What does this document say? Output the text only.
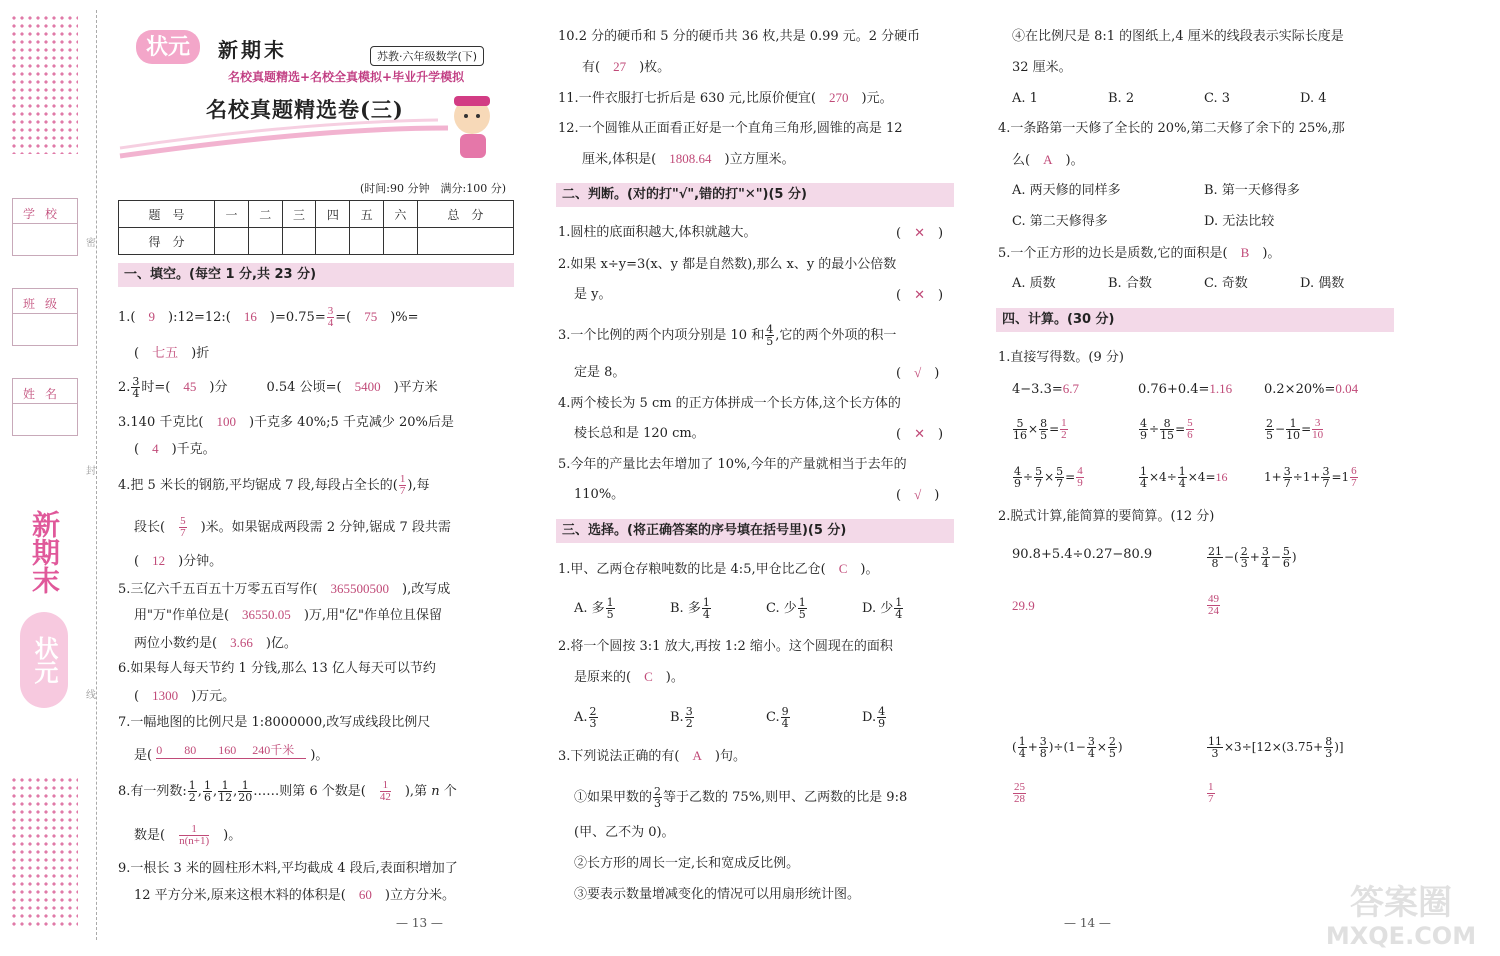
学校
班级
姓名
新期末
状元
密
封
线
状元	新期末	苏教·六年级数学(下)
名校真题精选+名校全真模拟+毕业升学模拟
名校真题精选卷(三)
(时间:90 分钟　满分:100 分)
题　号	一	二	三	四	五	六	总　分
得　分							
一、填空。(每空 1 分,共 23 分)
1.(　9　 ):12=12:(　 16　 )$=0.75= \frac{3}{4}$ =(　 75　 )%=
(　 七五　 )折
2. $\frac{3}{4}$ 时=(　 45　 )分　　　	0.54 公顷=(　 5400　 )平方米
3.140 千克比(　 100　 )千克多 40%;5 千克减少 20%后是
(　 4　 )千克。
4.把 5 米长的钢筋,平均锯成 7 段,每段占全长的( $\frac{1}{7}$ ),每
段长(　 $\frac{5}{7}$
　 )米。如果锯成两段需 2 分钟,锯成 7 段共需
(　 12　 )分钟。
5.三亿六千五百五十万零五百写作(　 365500500　 ),改写成
用"万"作单位是(　 36550.05　 )万,用"亿"作单位且保留
两位小数约是(　 3.66　 )亿。
6.如果每人每天节约 1 分钱,那么 13 亿人每天可以节约
(　 1300　 )万元。
7.一幅地图的比例尺是 1:8000000,改写成线段比例尺
是( 0 80 160 240千米 )。
8.有一列数: $\frac{1}{2}$ , $\frac{1}{6}$ , $\frac{1}{12}$ , $\frac{1}{20}$ ……则第 6 个数是(　 $\frac{1}{42}$
　 ),第 n 个
数是(　 $\frac{1}{n(n+1)}$
　 )。
9.一根长 3 米的圆柱形木料,平均截成 4 段后,表面积增加了
12 平方分米,原来这根木料的体积是(　 60　 )立方分米。
10.2 分的硬币和 5 分的硬币共 36 枚,共是 0.99 元。2 分硬币
有(　 27　 )枚。
11.一件衣服打七折后是 630 元,比原价便宜(　 270　 )元。
12.一个圆锥从正面看正好是一个直角三角形,圆锥的高是 12
厘米,体积是(　 1808.64　 )立方厘米。
二、判断。(对的打"√",错的打"✕")(5 分)
1.圆柱的底面积越大,体积就越大。	(　 ✕　 )
2.如果 x÷y=3(x、y 都是自然数),那么 x、y 的最小公倍数
是 y。	(　 ✕　 )
3.一个比例的两个内项分别是 10 和 $\frac{4}{5}$ ,它的两个外项的积一
定是 8。	(　 √　 )
4.两个棱长为 5 cm 的正方体拼成一个长方体,这个长方体的
棱长总和是 120 cm。	(　 ✕　 )
5.今年的产量比去年增加了 10%,今年的产量就相当于去年的
110%。	(　 √　 )
三、选择。(将正确答案的序号填在括号里)(5 分)
1.甲、乙两仓存粮吨数的比是 4:5,甲仓比乙仓(　 C　 )。
A. 多 $\frac{1}{5}$	B. 多 $\frac{1}{4}$	C. 少 $\frac{1}{5}$	D. 少 $\frac{1}{4}$
2.将一个圆按 3:1 放大,再按 1:2 缩小。这个圆现在的面积
是原来的(　 C　 )。
A. $\frac{2}{3}$	B. $\frac{3}{2}$	C. $\frac{9}{4}$	D. $\frac{4}{9}$
3.下列说法正确的有(　 A　 )句。
①如果甲数的 $\frac{2}{3}$ 等于乙数的 75%,则甲、乙两数的比是 9:8
(甲、乙不为 0)。
②长方形的周长一定,长和宽成反比例。
③要表示数量增减变化的情况可以用扇形统计图。
④在比例尺是 8:1 的图纸上,4 厘米的线段表示实际长度是
32 厘米。
A. 1	B. 2	C. 3	D. 4
4.一条路第一天修了全长的 20%,第二天修了余下的 25%,那
么(　 A　 )。
A. 两天修的同样多	B. 第一天修得多
C. 第二天修得多	D. 无法比较
5.一个正方形的边长是质数,它的面积是(　 B　 )。
A. 质数	B. 合数	C. 奇数	D. 偶数
四、计算。(30 分)
1.直接写得数。(9 分)
4−3.3=6.7	0.76+0.4=1.16 0.2×20%=0.04
$\frac{5}{16} \times \frac{8}{5} = \frac{1}{2}$	$\frac{4}{9} \div \frac{8}{15} = \frac{5}{6}$	$\frac{2}{5} - \frac{1}{10} = \frac{3}{10}$
$\frac{4}{9} \div \frac{5}{7} \times \frac{5}{7} = \frac{4}{9}$	$\frac{1}{4} \times 4\div \frac{1}{4} \times 4=16$	$1+ \frac{3}{7} \div 1+ \frac{3}{7} =1 \frac{6}{7}$
2.脱式计算,能简算的要简算。(12 分)
90.8+5.4÷0.27−80.9	$\frac{21}{8}$ −( $\frac{2}{3} + \frac{3}{4} - \frac{5}{6}$ )
29.9	$\frac{49}{24}$
( $\frac{1}{4} + \frac{3}{8} )\div(1- \frac{3}{4} \times \frac{2}{5}$ )	$\frac{11}{3} \times 3\div[12\times(3.75+ \frac{8}{3}$ )]
$\frac{25}{28}$	$\frac{1}{7}$
— 13 —	— 14 —	答案圈
MXQE.COM
